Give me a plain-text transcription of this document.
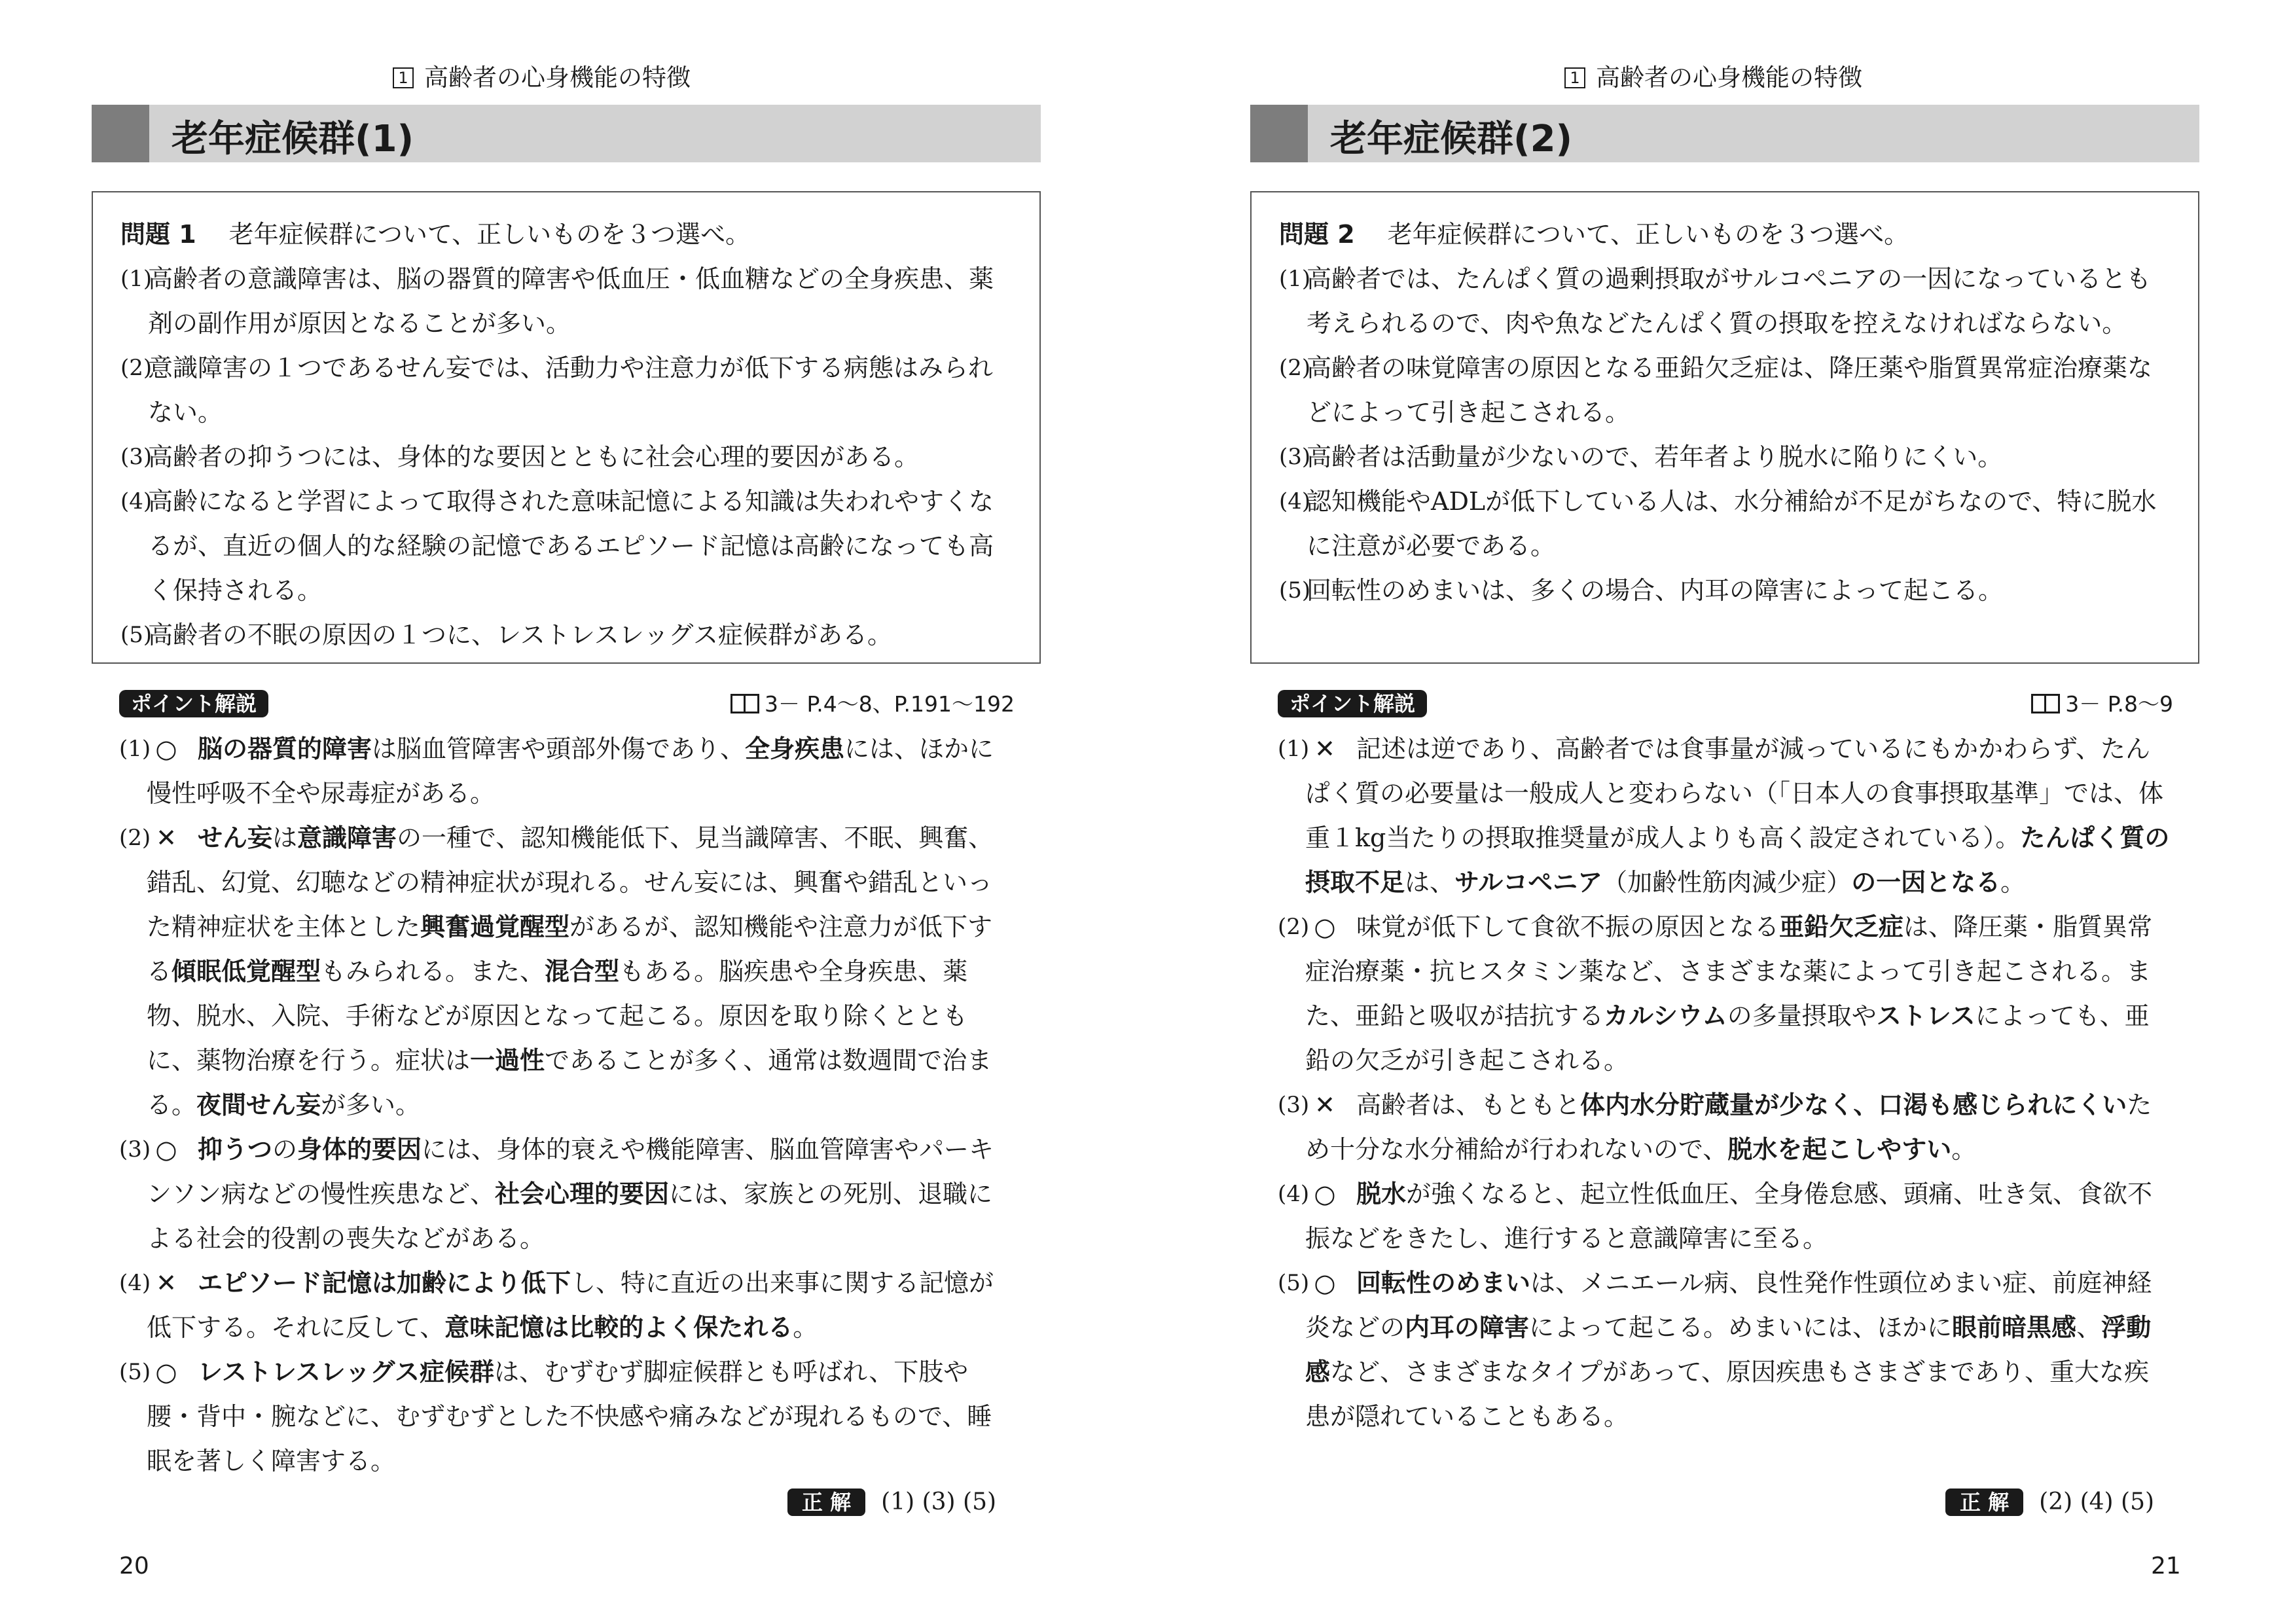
1 高齢者の心身機能の特徴
老年症候群(1)
問題 1 老年症候群について、正しいものを３つ選べ。
(1)
高齢者の意識障害は、脳の器質的障害や低血圧・低血糖などの全身疾患、薬剤の副作用が原因となることが多い。
(2)
意識障害の１つであるせん妄では、活動力や注意力が低下する病態はみられない。
(3)
高齢者の抑うつには、身体的な要因とともに社会心理的要因がある。
(4)
高齢になると学習によって取得された意味記憶による知識は失われやすくなるが、直近の個人的な経験の記憶であるエピソード記憶は高齢になっても高く保持される。
(5)
高齢者の不眠の原因の１つに、レストレスレッグス症候群がある。
ポイント解説	3－ P.4～8、P.191～192
(1) ○ 脳の器質的障害は脳血管障害や頭部外傷であり、全身疾患には、ほかに慢性呼吸不全や尿毒症がある。
(2) ✕ せん妄は意識障害の一種で、認知機能低下、見当識障害、不眠、興奮、錯乱、幻覚、幻聴などの精神症状が現れる。せん妄には、興奮や錯乱といった精神症状を主体とした興奮過覚醒型があるが、認知機能や注意力が低下する傾眠低覚醒型もみられる。また、混合型もある。脳疾患や全身疾患、薬物、脱水、入院、手術などが原因となって起こる。原因を取り除くとともに、薬物治療を行う。症状は一過性であることが多く、通常は数週間で治まる。夜間せん妄が多い。
(3) ○ 抑うつの身体的要因には、身体的衰えや機能障害、脳血管障害やパーキンソン病などの慢性疾患など、社会心理的要因には、家族との死別、退職による社会的役割の喪失などがある。
(4) ✕ エピソード記憶は加齢により低下し、特に直近の出来事に関する記憶が低下する。それに反して、意味記憶は比較的よく保たれる。
(5) ○ レストレスレッグス症候群は、むずむず脚症候群とも呼ばれ、下肢や腰・背中・腕などに、むずむずとした不快感や痛みなどが現れるもので、睡眠を著しく障害する。
正 解 (1) (3) (5)
20
1 高齢者の心身機能の特徴
老年症候群(2)
問題 2 老年症候群について、正しいものを３つ選べ。
(1)
高齢者では、たんぱく質の過剰摂取がサルコペニアの一因になっているとも考えられるので、肉や魚などたんぱく質の摂取を控えなければならない。
(2)
高齢者の味覚障害の原因となる亜鉛欠乏症は、降圧薬や脂質異常症治療薬などによって引き起こされる。
(3)
高齢者は活動量が少ないので、若年者より脱水に陥りにくい。
(4)
認知機能やADLが低下している人は、水分補給が不足がちなので、特に脱水に注意が必要である。
(5)
回転性のめまいは、多くの場合、内耳の障害によって起こる。
ポイント解説	3－ P.8～9
(1) ✕ 記述は逆であり、高齢者では食事量が減っているにもかかわらず、たんぱく質の必要量は一般成人と変わらない（「日本人の食事摂取基準」では、体重１kg当たりの摂取推奨量が成人よりも高く設定されている）。たんぱく質の摂取不足は、サルコペニア（加齢性筋肉減少症）の一因となる。
(2) ○ 味覚が低下して食欲不振の原因となる亜鉛欠乏症は、降圧薬・脂質異常症治療薬・抗ヒスタミン薬など、さまざまな薬によって引き起こされる。また、亜鉛と吸収が拮抗するカルシウムの多量摂取やストレスによっても、亜鉛の欠乏が引き起こされる。
(3) ✕ 高齢者は、もともと体内水分貯蔵量が少なく、口渇も感じられにくいため十分な水分補給が行われないので、脱水を起こしやすい。
(4) ○ 脱水が強くなると、起立性低血圧、全身倦怠感、頭痛、吐き気、食欲不振などをきたし、進行すると意識障害に至る。
(5) ○ 回転性のめまいは、メニエール病、良性発作性頭位めまい症、前庭神経炎などの内耳の障害によって起こる。めまいには、ほかに眼前暗黒感、浮動感など、さまざまなタイプがあって、原因疾患もさまざまであり、重大な疾患が隠れていることもある。
正 解 (2) (4) (5)
21
